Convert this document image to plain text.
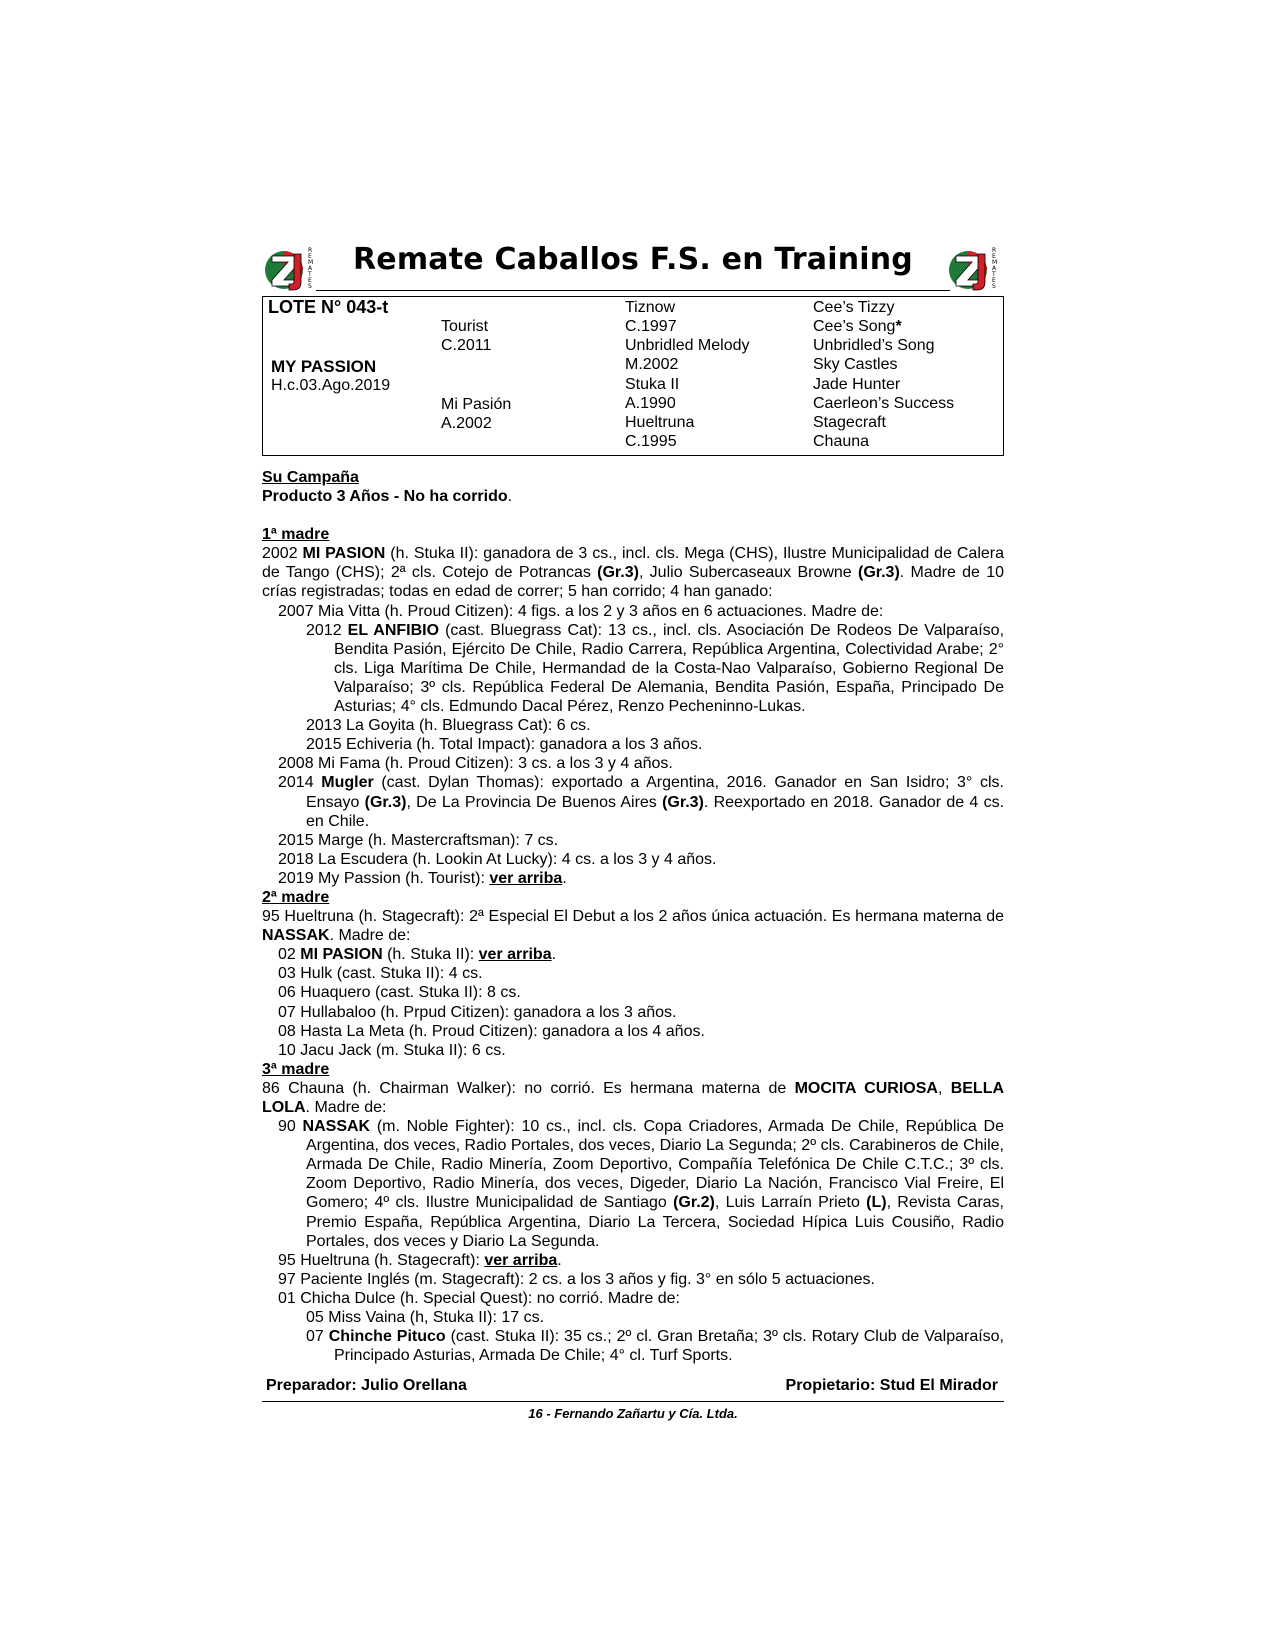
R
E
M
A
T
E
S
Remate Caballos F.S. en Training	R
E
M
A
T
E
S
LOTE N° 043-t
MY PASSION
H.c.03.Ago.2019
Tourist
C.2011
Mi Pasión
A.2002
Tiznow
C.1997
Unbridled Melody
M.2002
Stuka II
A.1990
Hueltruna
C.1995
Cee’s Tizzy
Cee’s Song*
Unbridled’s Song
Sky Castles
Jade Hunter
Caerleon’s Success
Stagecraft
Chauna
Su Campaña
Producto 3 Años - No ha corrido.
1ª madre
2002 MI PASION (h. Stuka II): ganadora de 3 cs., incl. cls. Mega (CHS), Ilustre Municipalidad de Calera de Tango (CHS); 2ª cls. Cotejo de Potrancas (Gr.3), Julio Subercaseaux Browne (Gr.3). Madre de 10 crías registradas; todas en edad de correr; 5 han corrido; 4 han ganado:
2007 Mia Vitta (h. Proud Citizen): 4 figs. a los 2 y 3 años en 6 actuaciones. Madre de:
2012 EL ANFIBIO (cast. Bluegrass Cat): 13 cs., incl. cls. Asociación De Rodeos De Valparaíso, Bendita Pasión, Ejército De Chile, Radio Carrera, República Argentina, Colectividad Arabe; 2° cls. Liga Marítima De Chile, Hermandad de la Costa-Nao Valparaíso, Gobierno Regional De Valparaíso; 3º cls. República Federal De Alemania, Bendita Pasión, España, Principado De Asturias; 4° cls. Edmundo Dacal Pérez, Renzo Pecheninno-Lukas.
2013 La Goyita (h. Bluegrass Cat): 6 cs.
2015 Echiveria (h. Total Impact): ganadora a los 3 años.
2008 Mi Fama (h. Proud Citizen): 3 cs. a los 3 y 4 años.
2014 Mugler (cast. Dylan Thomas): exportado a Argentina, 2016. Ganador en San Isidro; 3° cls. Ensayo (Gr.3), De La Provincia De Buenos Aires (Gr.3). Reexportado en 2018. Ganador de 4 cs. en Chile.
2015 Marge (h. Mastercraftsman): 7 cs.
2018 La Escudera (h. Lookin At Lucky): 4 cs. a los 3 y 4 años.
2019 My Passion (h. Tourist): ver arriba.
2ª madre
95 Hueltruna (h. Stagecraft): 2ª Especial El Debut a los 2 años única actuación. Es hermana materna de NASSAK. Madre de:
02 MI PASION (h. Stuka II): ver arriba.
03 Hulk (cast. Stuka II): 4 cs.
06 Huaquero (cast. Stuka II): 8 cs.
07 Hullabaloo (h. Prpud Citizen): ganadora a los 3 años.
08 Hasta La Meta (h. Proud Citizen): ganadora a los 4 años.
10 Jacu Jack (m. Stuka II): 6 cs.
3ª madre
86 Chauna (h. Chairman Walker): no corrió. Es hermana materna de MOCITA CURIOSA, BELLA LOLA. Madre de:
90 NASSAK (m. Noble Fighter): 10 cs., incl. cls. Copa Criadores, Armada De Chile, República De Argentina, dos veces, Radio Portales, dos veces, Diario La Segunda; 2º cls. Carabineros de Chile, Armada De Chile, Radio Minería, Zoom Deportivo, Compañía Telefónica De Chile C.T.C.; 3º cls. Zoom Deportivo, Radio Minería, dos veces, Digeder, Diario La Nación, Francisco Vial Freire, El Gomero; 4º cls. Ilustre Municipalidad de Santiago (Gr.2), Luis Larraín Prieto (L), Revista Caras, Premio España, República Argentina, Diario La Tercera, Sociedad Hípica Luis Cousiño, Radio Portales, dos veces y Diario La Segunda.
95 Hueltruna (h. Stagecraft): ver arriba.
97 Paciente Inglés (m. Stagecraft): 2 cs. a los 3 años y fig. 3° en sólo 5 actuaciones.
01 Chicha Dulce (h. Special Quest): no corrió. Madre de:
05 Miss Vaina (h, Stuka II): 17 cs.
07 Chinche Pituco (cast. Stuka II): 35 cs.; 2º cl. Gran Bretaña; 3º cls. Rotary Club de Valparaíso, Principado Asturias, Armada De Chile; 4° cl. Turf Sports.
Preparador: Julio Orellana	Propietario: Stud El Mirador
16 - Fernando Zañartu y Cía. Ltda.
